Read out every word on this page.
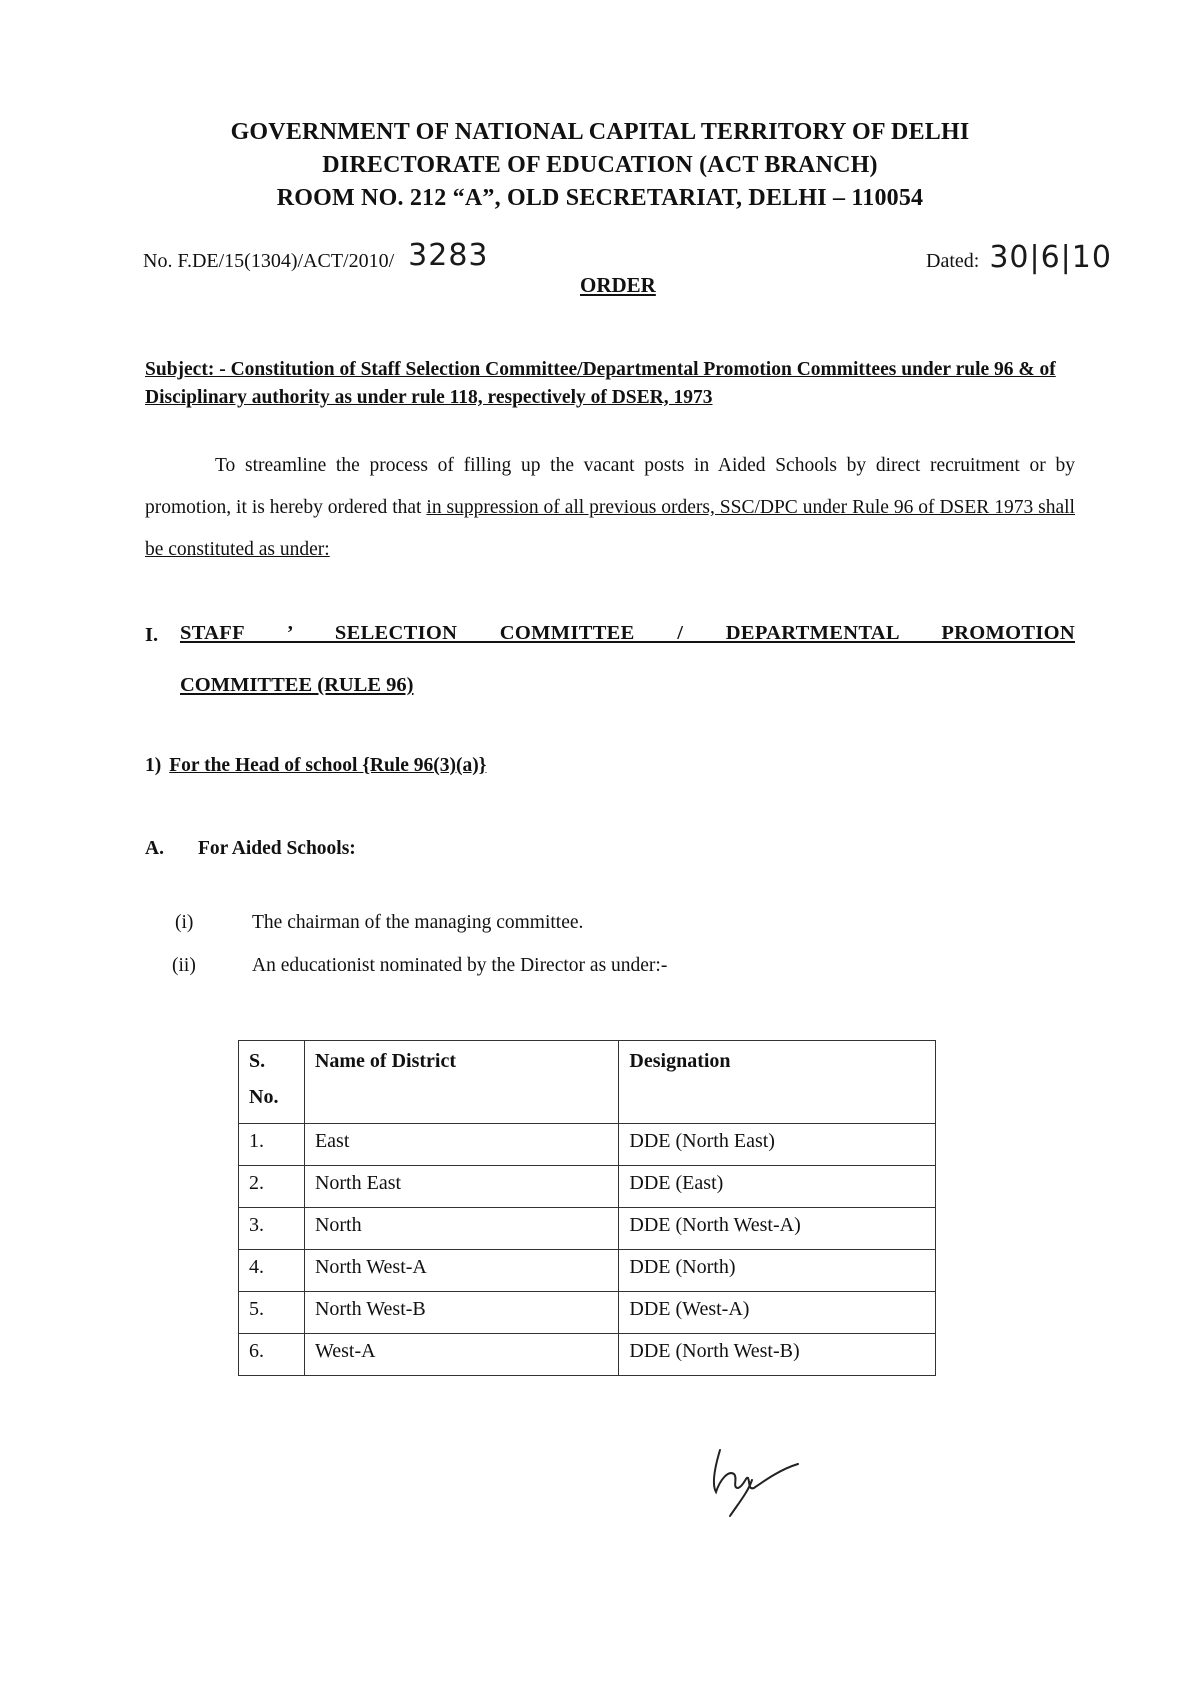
GOVERNMENT OF NATIONAL CAPITAL TERRITORY OF DELHI
DIRECTORATE OF EDUCATION (ACT BRANCH)
ROOM NO. 212 “A”, OLD SECRETARIAT, DELHI – 110054
No. F.DE/15(1304)/ACT/2010/ 3283	Dated: 30|6|10
ORDER
Subject: - Constitution of Staff Selection Committee/Departmental Promotion Committees under rule 96 & of Disciplinary authority as under rule 118, respectively of DSER, 1973
To streamline the process of filling up the vacant posts in Aided Schools by direct recruitment or by promotion, it is hereby ordered that in suppression of all previous orders, SSC/DPC under Rule 96 of DSER 1973 shall be constituted as under:
I. STAFF ’ SELECTION COMMITTEE / DEPARTMENTAL PROMOTION
COMMITTEE (RULE 96)
1) For the Head of school {Rule 96(3)(a)}
A. For Aided Schools:
(i)	The chairman of the managing committee.
(ii)	An educationist nominated by the Director as under:-
S. No.	Name of District	Designation
1.	East	DDE (North East)
2.	North East	DDE (East)
3.	North	DDE (North West-A)
4.	North West-A	DDE (North)
5.	North West-B	DDE (West-A)
6.	West-A	DDE (North West-B)
